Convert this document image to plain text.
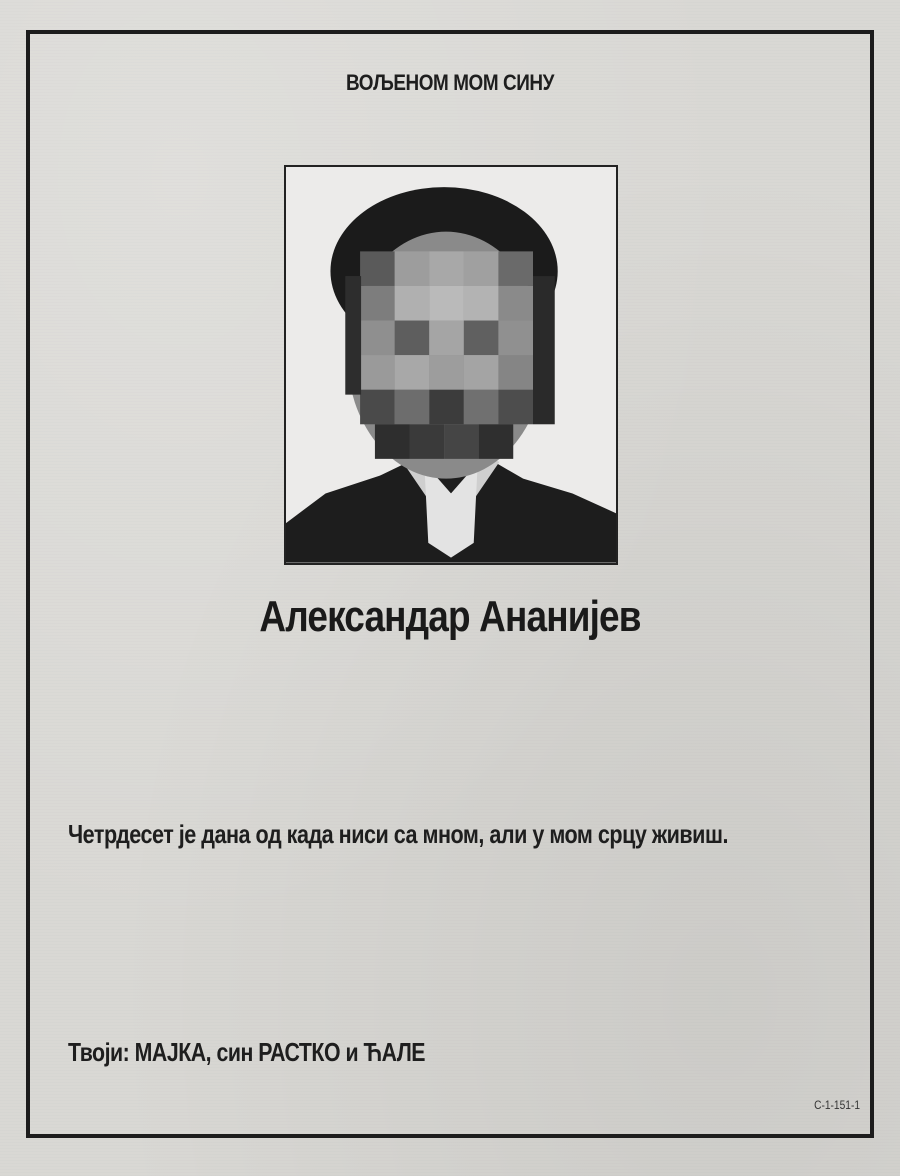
ВОЉЕНОМ МОМ СИНУ
Александар Ананијев
Четрдесет је дана од када ниси са мном, али у мом срцу живиш.
Твоји: МАЈКА, син РАСТКО и ЋАЛЕ
C-1-151-1
